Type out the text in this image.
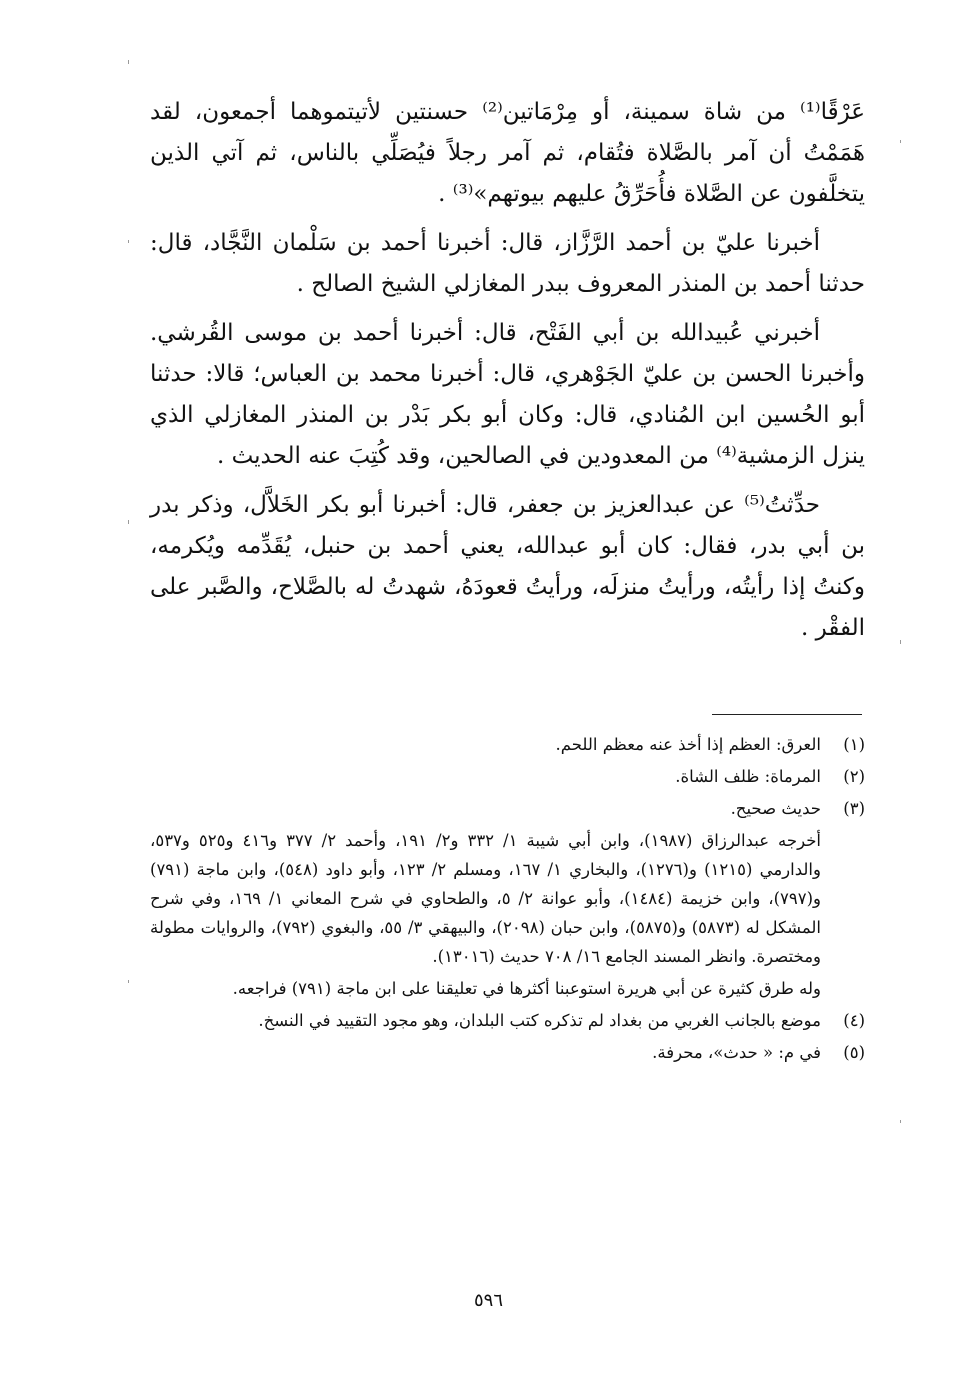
عَرْقًا⁽¹⁾ من شاة سمينة، أو مِرْمَاتين⁽²⁾ حسنتين لأتيتموهما أجمعون، لقد هَمَمْتُ أن آمر بالصَّلاة فتُقام، ثم آمر رجلاً فيُصَلِّي بالناس، ثم آتي الذين يتخلَّفون عن الصَّلاة فأُحَرِّقُ عليهم بيوتهم»⁽³⁾ .

أخبرنا عليّ بن أحمد الرَّزَّاز، قال: أخبرنا أحمد بن سَلْمان النَّجَّاد، قال: حدثنا أحمد بن المنذر المعروف ببدر المغازلي الشيخ الصالح .

أخبرني عُبيدالله بن أبي الفَتْح، قال: أخبرنا أحمد بن موسى القُرشي. وأخبرنا الحسن بن عليّ الجَوْهري، قال: أخبرنا محمد بن العباس؛ قالا: حدثنا أبو الحُسين ابن المُنادي، قال: وكان أبو بكر بَدْر بن المنذر المغازلي الذي ينزل الزمشية⁽⁴⁾ من المعدودين في الصالحين، وقد كُتِبَ عنه الحديث .

حدِّثتُ⁽⁵⁾ عن عبدالعزيز بن جعفر، قال: أخبرنا أبو بكر الخَلاَّل، وذكر بدر بن أبي بدر، فقال: كان أبو عبدالله، يعني أحمد بن حنبل، يُقَدِّمه ويُكرمه، وكنتُ إذا رأيتُه، ورأيتُ منزلَه، ورأيتُ قعودَهُ، شهدتُ له بالصَّلاح، والصَّبر على الفقْر .

(١)
العرق: العظم إذا أخذ عنه معظم اللحم.
(٢)
المرماة: ظلف الشاة.
(٣)
حديث صحيح.
أخرجه عبدالرزاق (١٩٨٧)، وابن أبي شيبة ١/ ٣٣٢ و٢/ ١٩١، وأحمد ٢/ ٣٧٧ و٤١٦ و٥٢٥ و٥٣٧، والدارمي (١٢١٥) و(١٢٧٦)، والبخاري ١/ ١٦٧، ومسلم ٢/ ١٢٣، وأبو داود (٥٤٨)، وابن ماجة (٧٩١) و(٧٩٧)، وابن خزيمة (١٤٨٤)، وأبو عوانة ٢/ ٥، والطحاوي في شرح المعاني ١/ ١٦٩، وفي شرح المشكل له (٥٨٧٣) و(٥٨٧٥)، وابن حبان (٢٠٩٨)، والبيهقي ٣/ ٥٥، والبغوي (٧٩٢)، والروايات مطولة ومختصرة. وانظر المسند الجامع ١٦/ ٧٠٨ حديث (١٣٠١٦).
وله طرق كثيرة عن أبي هريرة استوعبنا أكثرها في تعليقنا على ابن ماجة (٧٩١) فراجعه.
(٤)
موضع بالجانب الغربي من بغداد لم تذكره كتب البلدان، وهو مجود التقييد في النسخ.
(٥)
في م: « حدث»، محرفة.
٥٩٦
